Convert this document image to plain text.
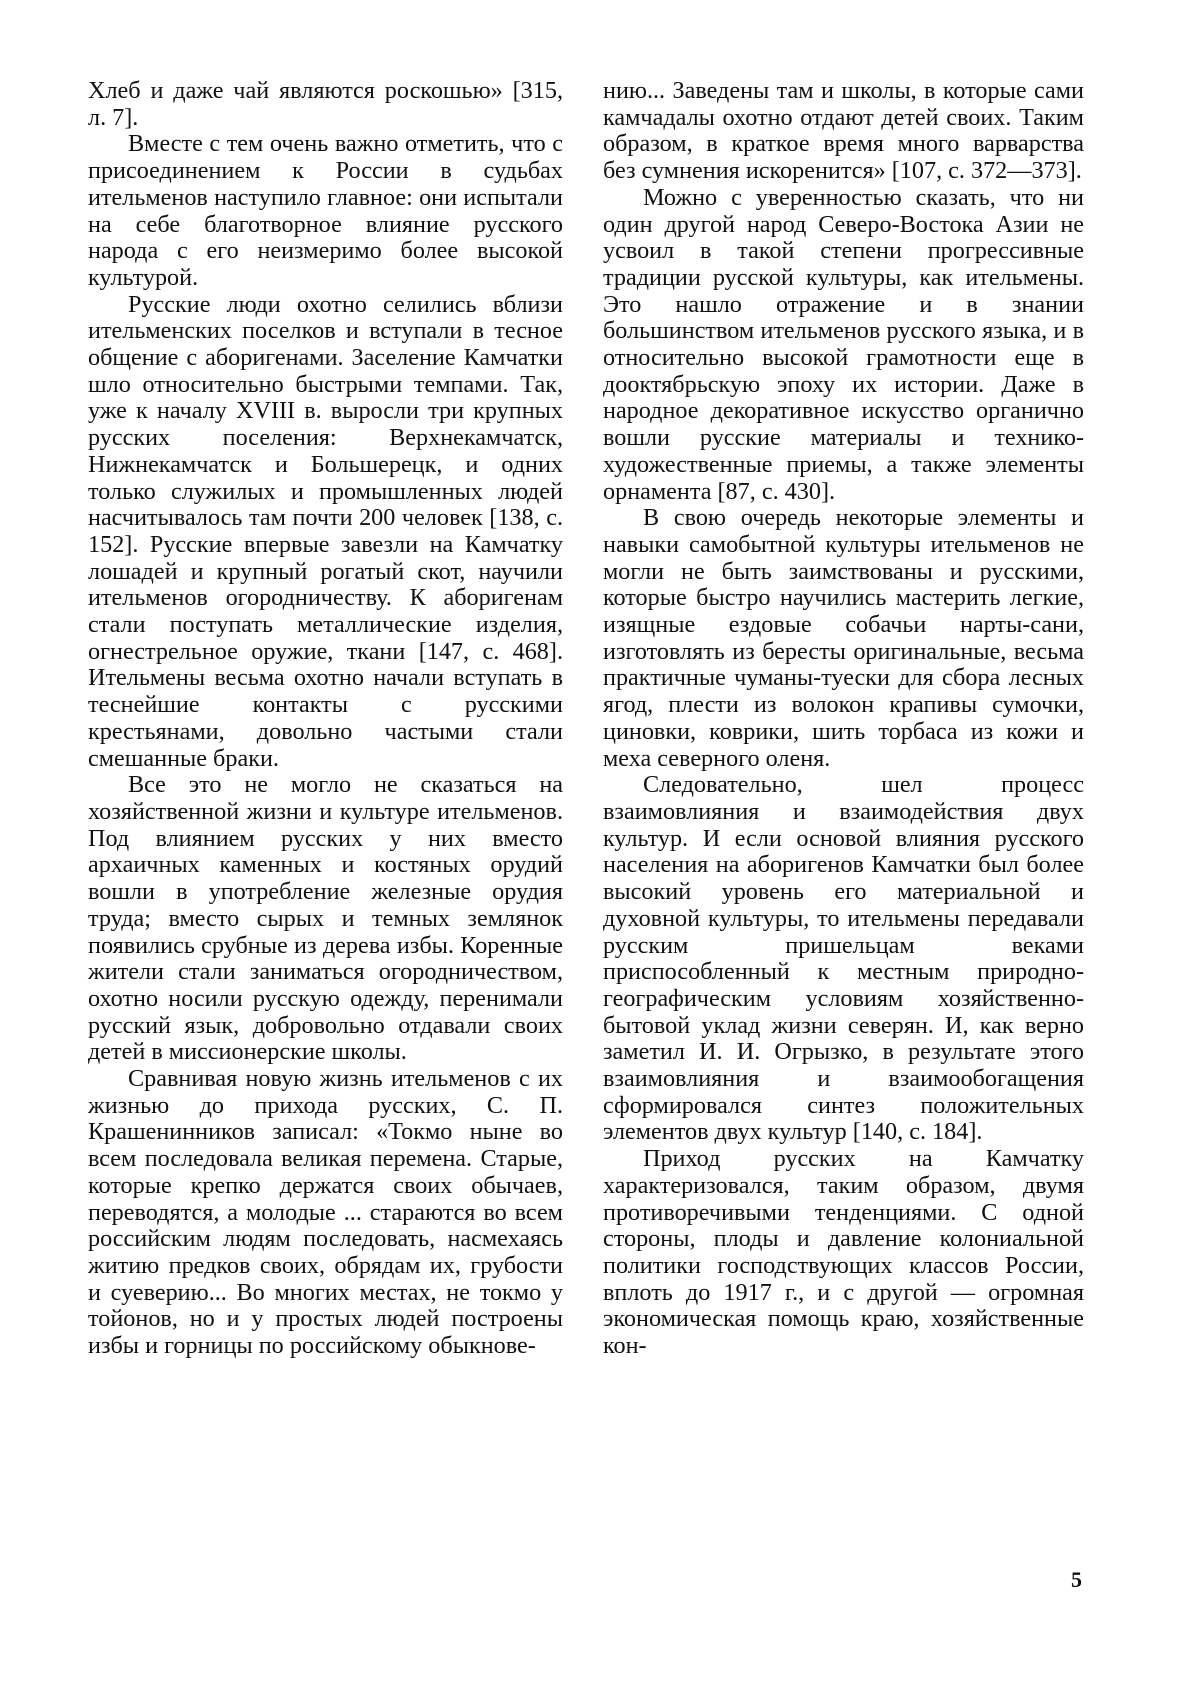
Хлеб и даже чай являются роскошью» [315, л. 7].

Вместе с тем очень важно отметить, что с присоединением к России в судьбах ительменов наступило главное: они испытали на себе благотворное влияние русского народа с его неизмеримо более высокой культурой.

Русские люди охотно селились вблизи ительменских поселков и вступали в тесное общение с аборигенами. Заселение Камчатки шло относительно быстрыми темпами. Так, уже к началу XVIII в. выросли три крупных русских поселения: Верхнекамчатск, Нижнекамчатск и Большерецк, и одних только служилых и промышленных людей насчитывалось там почти 200 человек [138, с. 152]. Русские впервые завезли на Камчатку лошадей и крупный рогатый скот, научили ительменов огородничеству. К аборигенам стали поступать металлические изделия, огнестрельное оружие, ткани [147, с. 468]. Ительмены весьма охотно начали вступать в теснейшие контакты с русскими крестьянами, довольно частыми стали смешанные браки.

Все это не могло не сказаться на хозяйственной жизни и культуре ительменов. Под влиянием русских у них вместо архаичных каменных и костяных орудий вошли в употребление железные орудия труда; вместо сырых и темных землянок появились срубные из дерева избы. Коренные жители стали заниматься огородничеством, охотно носили русскую одежду, перенимали русский язык, добровольно отдавали своих детей в миссионерские школы.

Сравнивая новую жизнь ительменов с их жизнью до прихода русских, С. П. Крашенинников записал: «Токмо ныне во всем последовала великая перемена. Старые, которые крепко держатся своих обычаев, переводятся, а молодые ... стараются во всем российским людям последовать, насмехаясь житию предков своих, обрядам их, грубости и суеверию... Во многих местах, не токмо у тойонов, но и у простых людей построены избы и горницы по российскому обыкнове-

нию... Заведены там и школы, в которые сами камчадалы охотно отдают детей своих. Таким образом, в краткое время много варварства без сумнения искоренится» [107, с. 372—373].

Можно с уверенностью сказать, что ни один другой народ Северо-Востока Азии не усвоил в такой степени прогрессивные традиции русской культуры, как ительмены. Это нашло отражение и в знании большинством ительменов русского языка, и в относительно высокой грамотности еще в дооктябрьскую эпоху их истории. Даже в народное декоративное искусство органично вошли русские материалы и технико-художественные приемы, а также элементы орнамента [87, с. 430].

В свою очередь некоторые элементы и навыки самобытной культуры ительменов не могли не быть заимствованы и русскими, которые быстро научились мастерить легкие, изящные ездовые собачьи нарты-сани, изготовлять из бересты оригинальные, весьма практичные чуманы-туески для сбора лесных ягод, плести из волокон крапивы сумочки, циновки, коврики, шить торбаса из кожи и меха северного оленя.

Следовательно, шел процесс взаимовлияния и взаимодействия двух культур. И если основой влияния русского населения на аборигенов Камчатки был более высокий уровень его материальной и духовной культуры, то ительмены передавали русским пришельцам веками приспособленный к местным природно-географическим условиям хозяйственно-бытовой уклад жизни северян. И, как верно заметил И. И. Огрызко, в результате этого взаимовлияния и взаимообогащения сформировался синтез положительных элементов двух культур [140, с. 184].

Приход русских на Камчатку характеризовался, таким образом, двумя противоречивыми тенденциями. С одной стороны, плоды и давление колониальной политики господствующих классов России, вплоть до 1917 г., и с другой — огромная экономическая помощь краю, хозяйственные кон-

5
